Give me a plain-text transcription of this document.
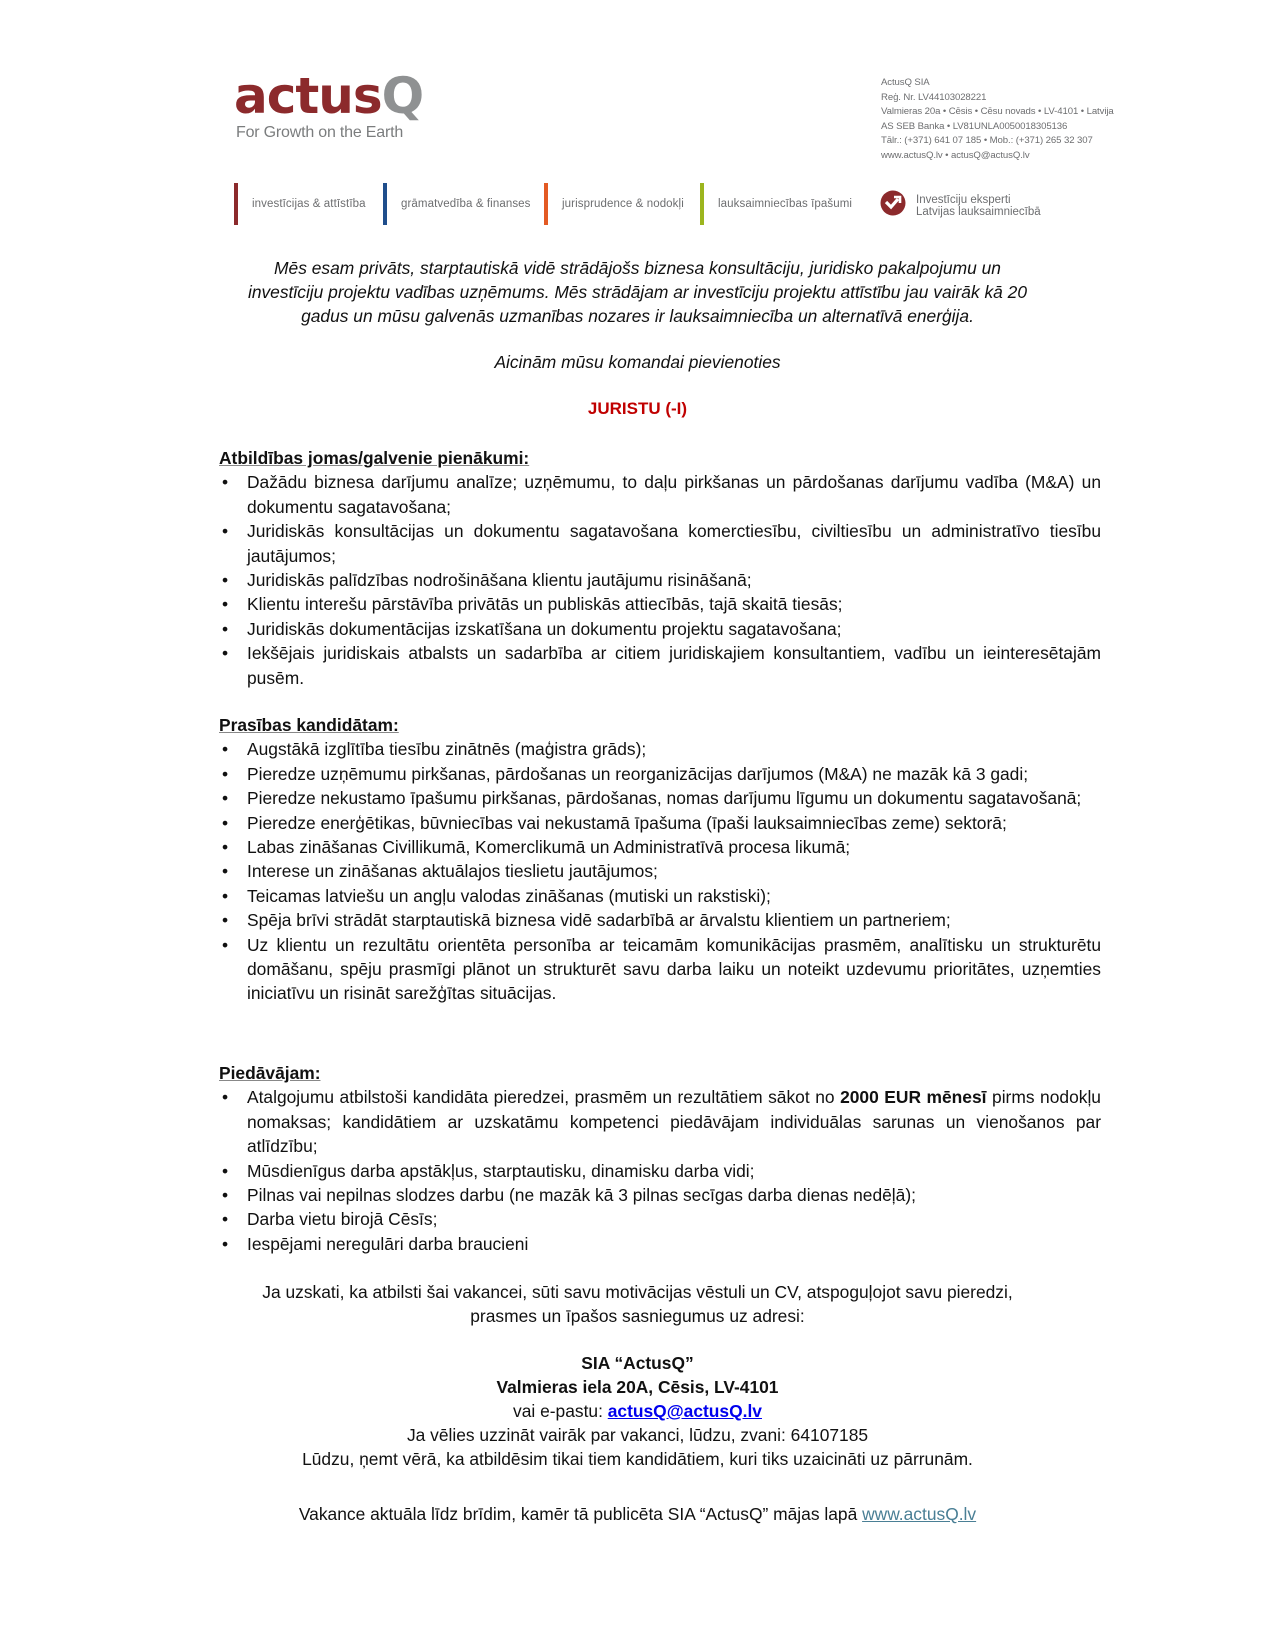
actusQ
For Growth on the Earth
ActusQ SIA
Reģ. Nr. LV44103028221
Valmieras 20a • Cēsis • Cēsu novads • LV-4101 • Latvija
AS SEB Banka • LV81UNLA0050018305136
Tālr.: (+371) 641 07 185 • Mob.: (+371) 265 32 307
www.actusQ.lv • actusQ@actusQ.lv
investīcijas & attīstība	grāmatvedība & finanses	jurisprudence & nodokļi	lauksaimniecības īpašumi	Investīciju eksperti
Latvijas lauksaimniecībā
Mēs esam privāts, starptautiskā vidē strādājošs biznesa konsultāciju, juridisko pakalpojumu un
investīciju projektu vadības uzņēmums. Mēs strādājam ar investīciju projektu attīstību jau vairāk kā 20
gadus un mūsu galvenās uzmanības nozares ir lauksaimniecība un alternatīvā enerģija.
Aicinām mūsu komandai pievienoties
JURISTU (-I)
Atbildības jomas/galvenie pienākumi:
• Dažādu biznesa darījumu analīze; uzņēmumu, to daļu pirkšanas un pārdošanas darījumu vadība (M&A) un dokumentu sagatavošana;
• Juridiskās konsultācijas un dokumentu sagatavošana komerctiesību, civiltiesību un administratīvo tiesību jautājumos;
• Juridiskās palīdzības nodrošināšana klientu jautājumu risināšanā;
• Klientu interešu pārstāvība privātās un publiskās attiecībās, tajā skaitā tiesās;
• Juridiskās dokumentācijas izskatīšana un dokumentu projektu sagatavošana;
• Iekšējais juridiskais atbalsts un sadarbība ar citiem juridiskajiem konsultantiem, vadību un ieinteresētajām pusēm.
Prasības kandidātam:
• Augstākā izglītība tiesību zinātnēs (maģistra grāds);
• Pieredze uzņēmumu pirkšanas, pārdošanas un reorganizācijas darījumos (M&A) ne mazāk kā 3 gadi;
• Pieredze nekustamo īpašumu pirkšanas, pārdošanas, nomas darījumu līgumu un dokumentu sagatavošanā;
• Pieredze enerģētikas, būvniecības vai nekustamā īpašuma (īpaši lauksaimniecības zeme) sektorā;
• Labas zināšanas Civillikumā, Komerclikumā un Administratīvā procesa likumā;
• Interese un zināšanas aktuālajos tieslietu jautājumos;
• Teicamas latviešu un angļu valodas zināšanas (mutiski un rakstiski);
• Spēja brīvi strādāt starptautiskā biznesa vidē sadarbībā ar ārvalstu klientiem un partneriem;
• Uz klientu un rezultātu orientēta personība ar teicamām komunikācijas prasmēm, analītisku un strukturētu domāšanu, spēju prasmīgi plānot un strukturēt savu darba laiku un noteikt uzdevumu prioritātes, uzņemties iniciatīvu un risināt sarežģītas situācijas.
Piedāvājam:
• Atalgojumu atbilstoši kandidāta pieredzei, prasmēm un rezultātiem sākot no 2000 EUR mēnesī pirms nodokļu nomaksas; kandidātiem ar uzskatāmu kompetenci piedāvājam individuālas sarunas un vienošanos par atlīdzību;
• Mūsdienīgus darba apstākļus, starptautisku, dinamisku darba vidi;
• Pilnas vai nepilnas slodzes darbu (ne mazāk kā 3 pilnas secīgas darba dienas nedēļā);
• Darba vietu birojā Cēsīs;
• Iespējami neregulāri darba braucieni
Ja uzskati, ka atbilsti šai vakancei, sūti savu motivācijas vēstuli un CV, atspoguļojot savu pieredzi,
prasmes un īpašos sasniegumus uz adresi:
SIA “ActusQ”
Valmieras iela 20A, Cēsis, LV-4101
vai e-pastu: actusQ@actusQ.lv
Ja vēlies uzzināt vairāk par vakanci, lūdzu, zvani: 64107185
Lūdzu, ņemt vērā, ka atbildēsim tikai tiem kandidātiem, kuri tiks uzaicināti uz pārrunām.
Vakance aktuāla līdz brīdim, kamēr tā publicēta SIA “ActusQ” mājas lapā www.actusQ.lv
